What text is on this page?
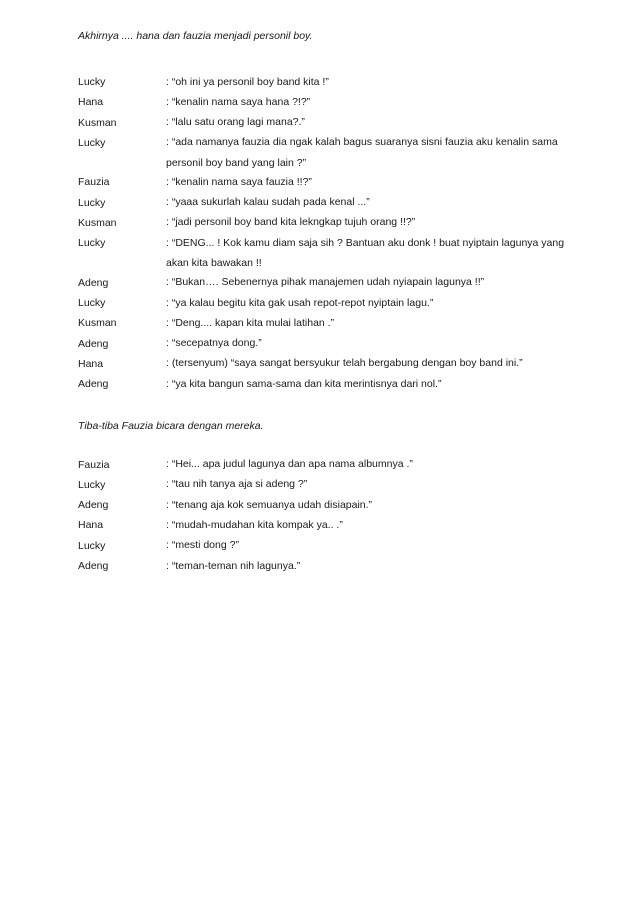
Akhirnya .... hana dan fauzia menjadi personil boy.

Lucky	: “oh ini ya personil boy band kita !”
Hana	: “kenalin nama saya hana ?!?”
Kusman	: “lalu satu orang lagi mana?.”
Lucky	: “ada namanya fauzia dia ngak kalah bagus suaranya sisni fauzia aku kenalin sama personil boy band yang lain ?”
Fauzia	: “kenalin nama saya fauzia !!?”
Lucky	: “yaaa sukurlah kalau sudah pada kenal ...”
Kusman	: “jadi personil boy band kita lekngkap tujuh orang !!?”
Lucky	: “DENG... ! Kok kamu diam saja sih ? Bantuan aku donk ! buat nyiptain lagunya yang akan kita bawakan !!
Adeng	: “Bukan…. Sebenernya pihak manajemen udah nyiapain lagunya !!”
Lucky	: “ya kalau begitu kita gak usah repot-repot nyiptain lagu.”
Kusman	: “Deng.... kapan kita mulai latihan .”
Adeng	: “secepatnya dong.”
Hana	: (tersenyum) “saya sangat bersyukur telah bergabung dengan boy band ini.”
Adeng	: “ya kita bangun sama-sama dan kita merintisnya dari nol.”

Tiba-tiba Fauzia bicara dengan mereka.

Fauzia	: “Hei... apa judul lagunya dan apa nama albumnya .”
Lucky	: “tau nih tanya aja si adeng ?”
Adeng	: “tenang aja kok semuanya udah disiapain.”
Hana	: “mudah-mudahan kita kompak ya.. .”
Lucky	: “mesti dong ?”
Adeng	: “teman-teman nih lagunya.”
